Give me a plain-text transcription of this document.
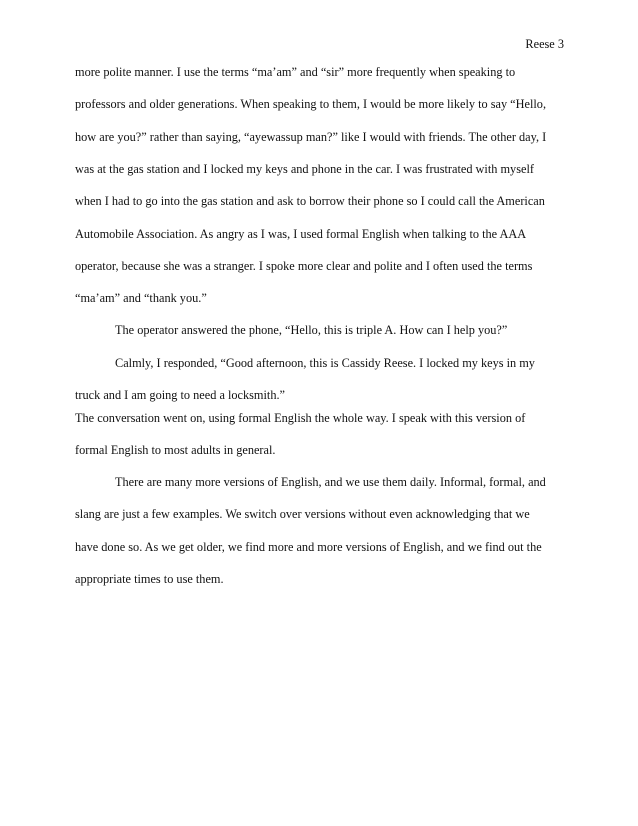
Reese 3
more polite manner. I use the terms “ma’am” and “sir” more frequently when speaking to
professors and older generations. When speaking to them, I would be more likely to say “Hello,
how are you?” rather than saying, “ayewassup man?” like I would with friends. The other day, I
was at the gas station and I locked my keys and phone in the car. I was frustrated with myself
when I had to go into the gas station and ask to borrow their phone so I could call the American
Automobile Association. As angry as I was, I used formal English when talking to the AAA
operator, because she was a stranger. I spoke more clear and polite and I often used the terms
“ma’am” and “thank you.”
The operator answered the phone, “Hello, this is triple A. How can I help you?”
Calmly, I responded, “Good afternoon, this is Cassidy Reese. I locked my keys in my
truck and I am going to need a locksmith.”
The conversation went on, using formal English the whole way. I speak with this version of
formal English to most adults in general.
There are many more versions of English, and we use them daily. Informal, formal, and
slang are just a few examples. We switch over versions without even acknowledging that we
have done so. As we get older, we find more and more versions of English, and we find out the
appropriate times to use them.
